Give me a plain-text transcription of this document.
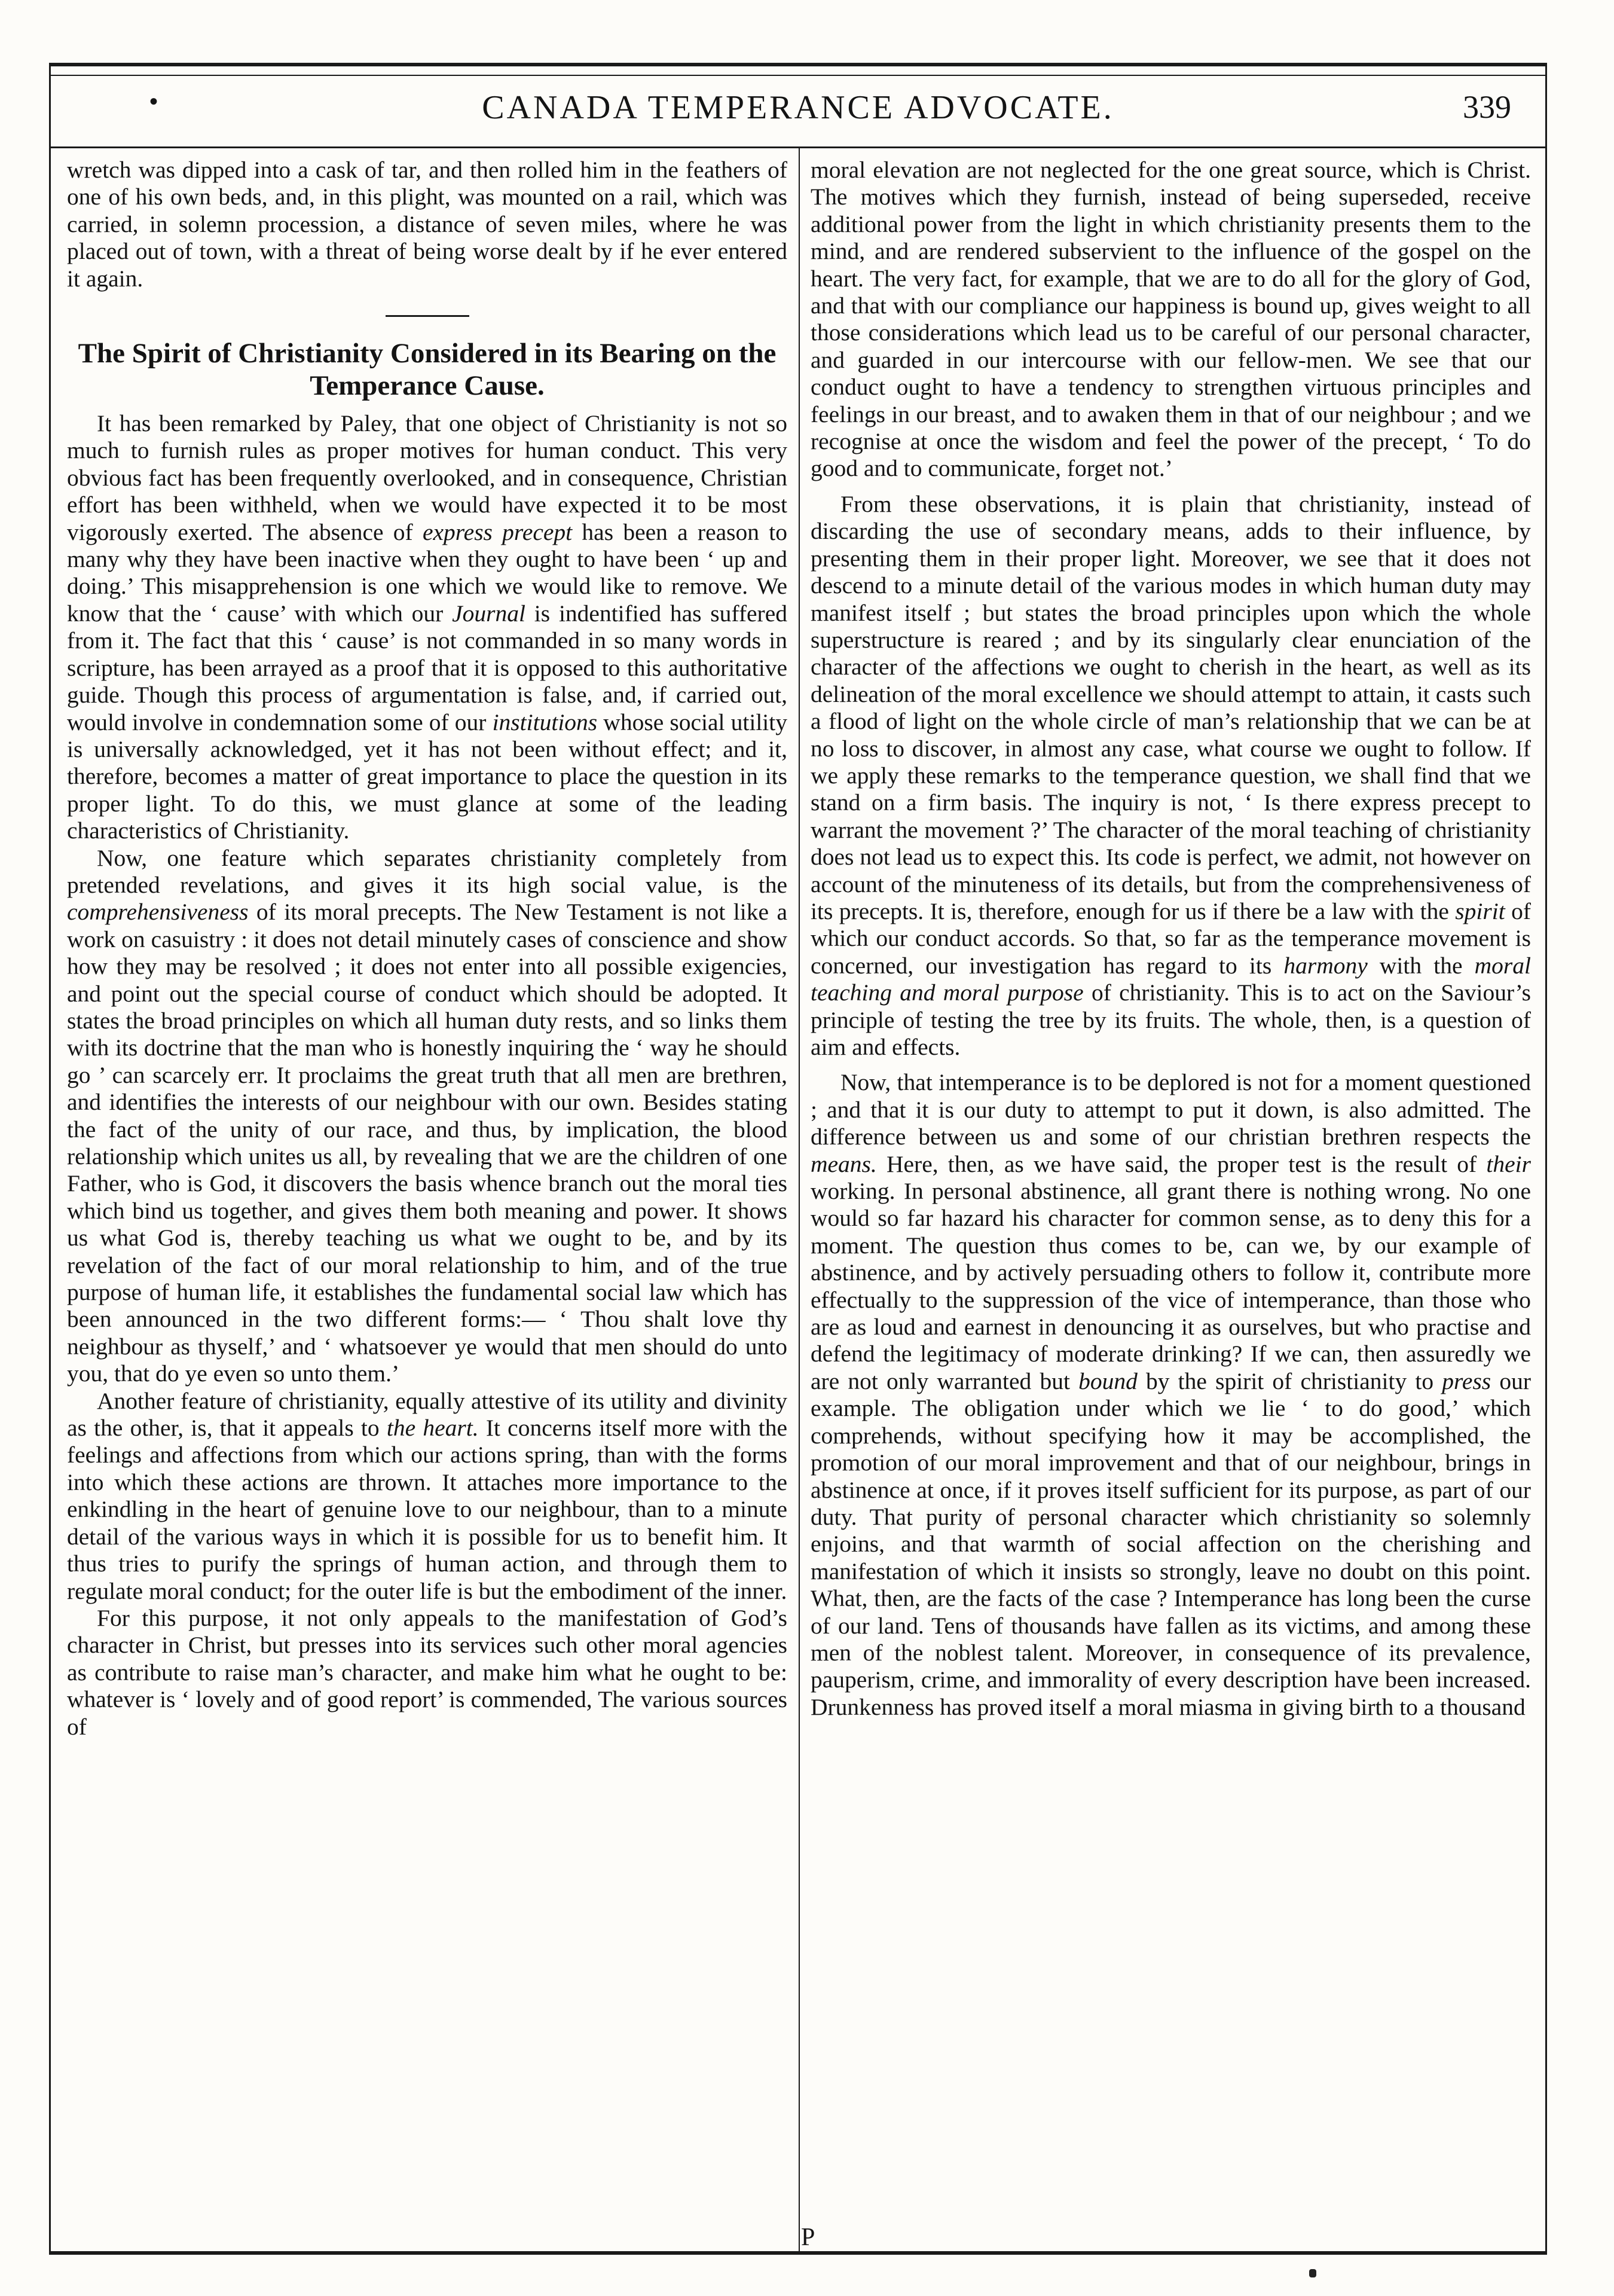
•	CANADA TEMPERANCE ADVOCATE.	339

wretch was dipped into a cask of tar, and then rolled him in the feathers of one of his own beds, and, in this plight, was mounted on a rail, which was carried, in solemn procession, a distance of seven miles, where he was placed out of town, with a threat of being worse dealt by if he ever entered it again.

The Spirit of Christianity Considered in its Bearing on the Temperance Cause.

It has been remarked by Paley, that one object of Christianity is not so much to furnish rules as proper motives for human conduct. This very obvious fact has been frequently overlooked, and in consequence, Christian effort has been withheld, when we would have expected it to be most vigorously exerted. The absence of express precept has been a reason to many why they have been inactive when they ought to have been ‘ up and doing.’ This misapprehension is one which we would like to remove. We know that the ‘ cause’ with which our Journal is indentified has suffered from it. The fact that this ‘ cause’ is not commanded in so many words in scripture, has been arrayed as a proof that it is opposed to this authoritative guide. Though this process of argumentation is false, and, if carried out, would involve in condemnation some of our institutions whose social utility is universally acknowledged, yet it has not been without effect; and it, therefore, becomes a matter of great importance to place the question in its proper light. To do this, we must glance at some of the leading characteristics of Christianity.

Now, one feature which separates christianity completely from pretended revelations, and gives it its high social value, is the comprehensiveness of its moral precepts. The New Testament is not like a work on casuistry : it does not detail minutely cases of conscience and show how they may be resolved ; it does not enter into all possible exigencies, and point out the special course of conduct which should be adopted. It states the broad principles on which all human duty rests, and so links them with its doctrine that the man who is honestly inquiring the ‘ way he should go ’ can scarcely err. It proclaims the great truth that all men are brethren, and identifies the interests of our neighbour with our own. Besides stating the fact of the unity of our race, and thus, by implication, the blood relationship which unites us all, by revealing that we are the children of one Father, who is God, it discovers the basis whence branch out the moral ties which bind us together, and gives them both meaning and power. It shows us what God is, thereby teaching us what we ought to be, and by its revelation of the fact of our moral relationship to him, and of the true purpose of human life, it establishes the fundamental social law which has been announced in the two different forms:— ‘ Thou shalt love thy neighbour as thyself,’ and ‘ whatsoever ye would that men should do unto you, that do ye even so unto them.’

Another feature of christianity, equally attestive of its utility and divinity as the other, is, that it appeals to the heart. It concerns itself more with the feelings and affections from which our actions spring, than with the forms into which these actions are thrown. It attaches more importance to the enkindling in the heart of genuine love to our neighbour, than to a minute detail of the various ways in which it is possible for us to benefit him. It thus tries to purify the springs of human action, and through them to regulate moral conduct; for the outer life is but the embodiment of the inner.

For this purpose, it not only appeals to the manifestation of God’s character in Christ, but presses into its services such other moral agencies as contribute to raise man’s character, and make him what he ought to be: whatever is ‘ lovely and of good report’ is commended, The various sources of

moral elevation are not neglected for the one great source, which is Christ. The motives which they furnish, instead of being superseded, receive additional power from the light in which christianity presents them to the mind, and are rendered subservient to the influence of the gospel on the heart. The very fact, for example, that we are to do all for the glory of God, and that with our compliance our happiness is bound up, gives weight to all those considerations which lead us to be careful of our personal character, and guarded in our intercourse with our fellow-men. We see that our conduct ought to have a tendency to strengthen virtuous principles and feelings in our breast, and to awaken them in that of our neighbour ; and we recognise at once the wisdom and feel the power of the precept, ‘ To do good and to communicate, forget not.’

From these observations, it is plain that christianity, instead of discarding the use of secondary means, adds to their influence, by presenting them in their proper light. Moreover, we see that it does not descend to a minute detail of the various modes in which human duty may manifest itself ; but states the broad principles upon which the whole superstructure is reared ; and by its singularly clear enunciation of the character of the affections we ought to cherish in the heart, as well as its delineation of the moral excellence we should attempt to attain, it casts such a flood of light on the whole circle of man’s relationship that we can be at no loss to discover, in almost any case, what course we ought to follow. If we apply these remarks to the temperance question, we shall find that we stand on a firm basis. The inquiry is not, ‘ Is there express precept to warrant the movement ?’ The character of the moral teaching of christianity does not lead us to expect this. Its code is perfect, we admit, not however on account of the minuteness of its details, but from the comprehensiveness of its precepts. It is, therefore, enough for us if there be a law with the spirit of which our conduct accords. So that, so far as the temperance movement is concerned, our investigation has regard to its harmony with the moral teaching and moral purpose of christianity. This is to act on the Saviour’s principle of testing the tree by its fruits. The whole, then, is a question of aim and effects.

Now, that intemperance is to be deplored is not for a moment questioned ; and that it is our duty to attempt to put it down, is also admitted. The difference between us and some of our christian brethren respects the means. Here, then, as we have said, the proper test is the result of their working. In personal abstinence, all grant there is nothing wrong. No one would so far hazard his character for common sense, as to deny this for a moment. The question thus comes to be, can we, by our example of abstinence, and by actively persuading others to follow it, contribute more effectually to the suppression of the vice of intemperance, than those who are as loud and earnest in denouncing it as ourselves, but who practise and defend the legitimacy of moderate drinking? If we can, then assuredly we are not only warranted but bound by the spirit of christianity to press our example. The obligation under which we lie ‘ to do good,’ which comprehends, without specifying how it may be accomplished, the promotion of our moral improvement and that of our neighbour, brings in abstinence at once, if it proves itself sufficient for its purpose, as part of our duty. That purity of personal character which christianity so solemnly enjoins, and that warmth of social affection on the cherishing and manifestation of which it insists so strongly, leave no doubt on this point. What, then, are the facts of the case ? Intemperance has long been the curse of our land. Tens of thousands have fallen as its victims, and among these men of the noblest talent. Moreover, in consequence of its prevalence, pauperism, crime, and immorality of every description have been increased. Drunkenness has proved itself a moral miasma in giving birth to a thousand

P
